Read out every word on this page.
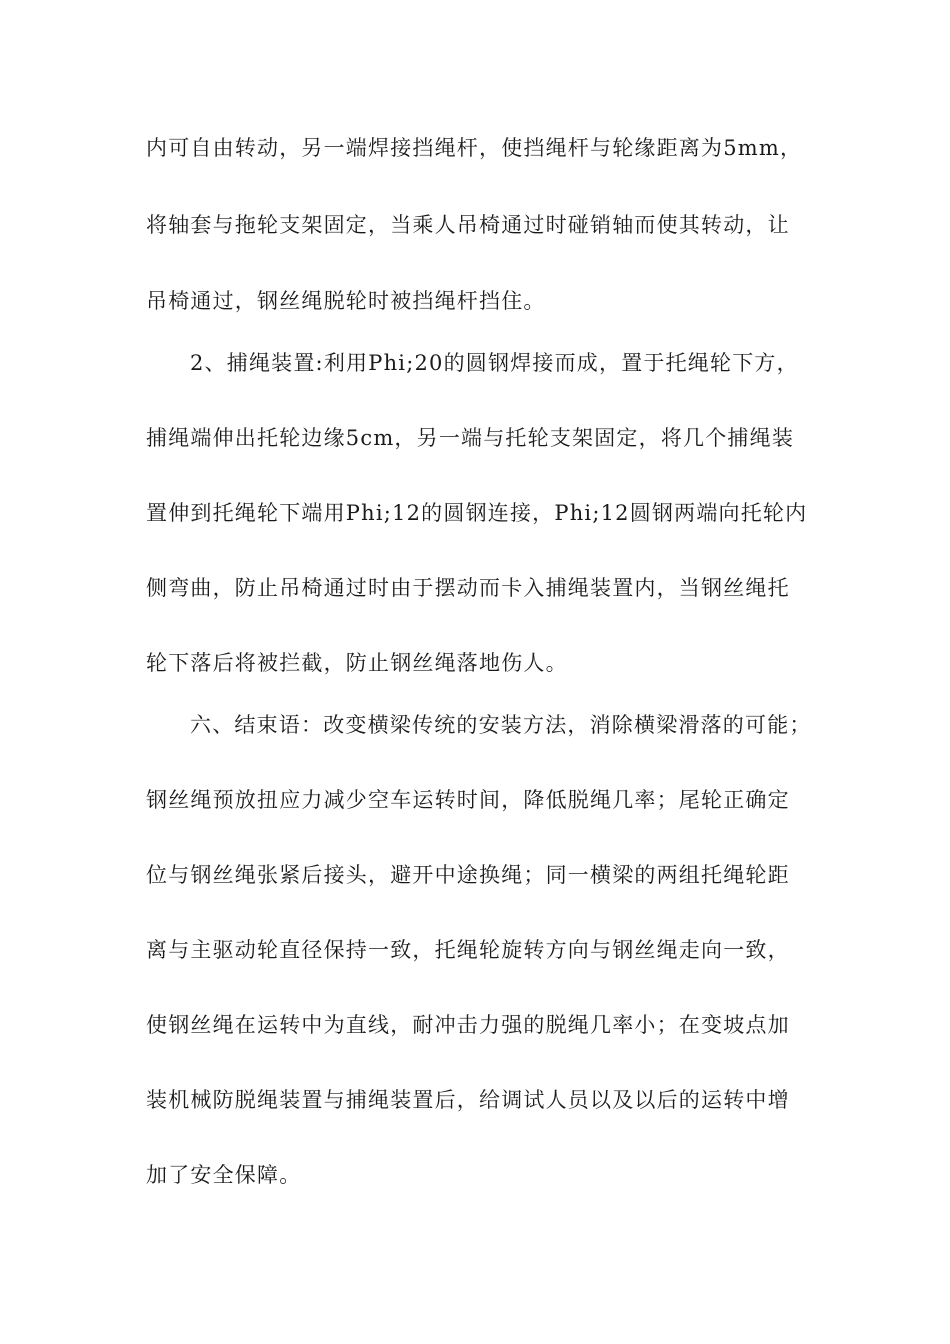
内可自由转动，另一端焊接挡绳杆，使挡绳杆与轮缘距离为5mm，
将轴套与拖轮支架固定，当乘人吊椅通过时碰销轴而使其转动，让
吊椅通过，钢丝绳脱轮时被挡绳杆挡住。
2、捕绳装置:利用Phi;20的圆钢焊接而成，置于托绳轮下方，
捕绳端伸出托轮边缘5cm，另一端与托轮支架固定，将几个捕绳装
置伸到托绳轮下端用Phi;12的圆钢连接，Phi;12圆钢两端向托轮内
侧弯曲，防止吊椅通过时由于摆动而卡入捕绳装置内，当钢丝绳托
轮下落后将被拦截，防止钢丝绳落地伤人。
六、结束语：改变横梁传统的安装方法，消除横梁滑落的可能；
钢丝绳预放扭应力减少空车运转时间，降低脱绳几率；尾轮正确定
位与钢丝绳张紧后接头，避开中途换绳；同一横梁的两组托绳轮距
离与主驱动轮直径保持一致，托绳轮旋转方向与钢丝绳走向一致，
使钢丝绳在运转中为直线，耐冲击力强的脱绳几率小；在变坡点加
装机械防脱绳装置与捕绳装置后，给调试人员以及以后的运转中增
加了安全保障。
